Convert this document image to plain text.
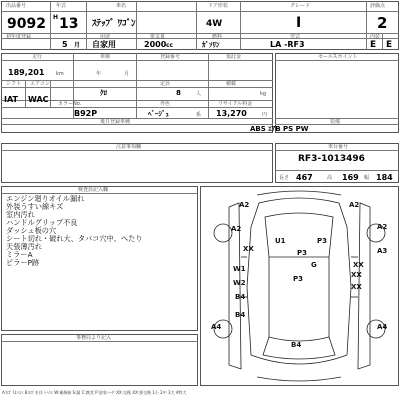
出品番号	年式	車名	ドア形状	グレード	評価点
9092 H 13 ｽﾃｯﾌﾟ ﾜｺﾞﾝ	4W	I	2
初年度登録	用途	排気量	燃料	型式	内装
5 月 自家用	2000 cc	ｶﾞｿﾘﾝ	LA -RF3	E E
走行	車検	登録番号	預託金
189,201 km	年	月
シフト エアコン	定員	積載
IAT WAC
ｸﾛ	8	人	kg
カラーNo.	外色	リサイクル料金
B92P	ﾍﾞｰｼﾞｭ	系 13,270	円
後日登録車種
セールスポイント
装備
ABS ｴｱB PS PW
注意事項欄	車台番号
RF3-1013496
長さ 467	高 169 幅 184
検査員記入欄
エンジン廻りオイル漏れ
外装うすい線キズ
室内汚れ
ハンドルグリップ不良
ダッシュ板の穴
シート切れ・破れ大、タバコ穴中、へたり
天張薄汚れ
ミラーA
ピラーP跡
事務局より記入
A2	A2
A2	A2
U1	P3
XX	P3
G
A3
XX
W1
XX
W2	XX
P3
B4
A4
B4
B4
A4
A:ｷｽﾞ U:ﾍｺﾐ B:ｷｽﾞを伴うﾍｺﾐ W:補修跡 S:錆 C:腐食 P:塗装ハゲ XX:交換 XX:要交換 1小 2中 3大 4特大
